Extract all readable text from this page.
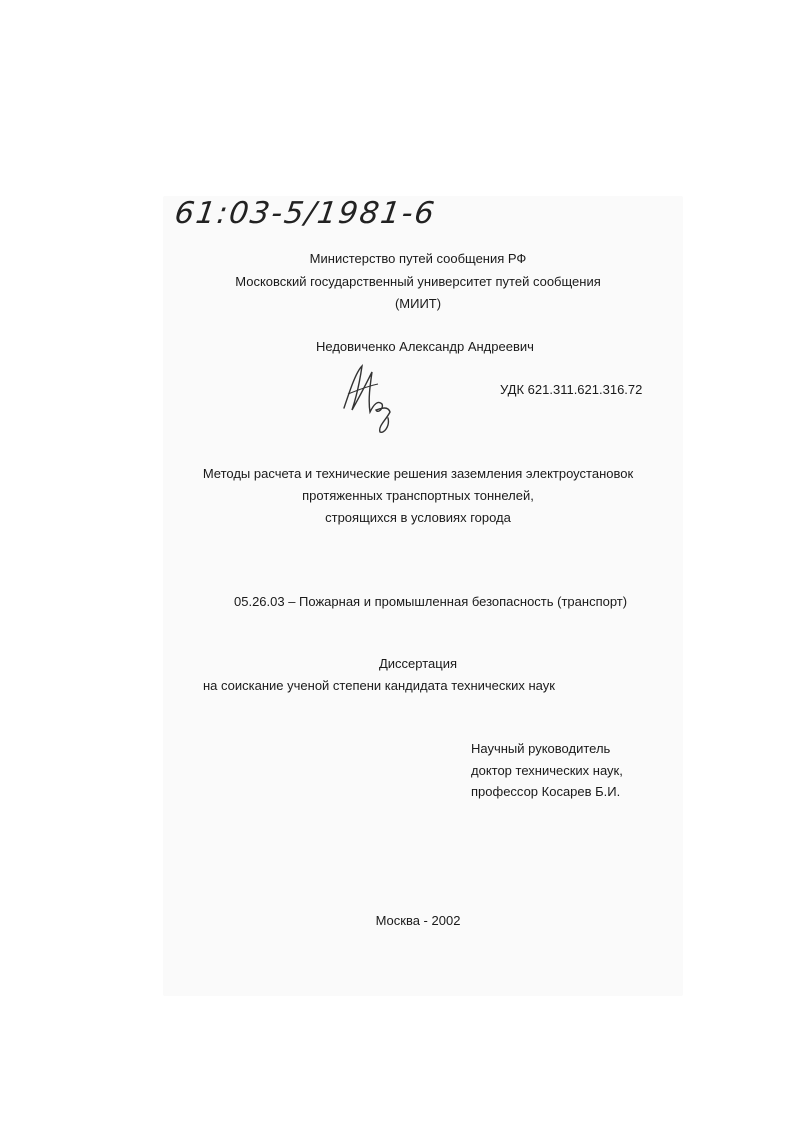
61:03-5/1981-6
Министерство путей сообщения РФ
Московский государственный университет путей сообщения
(МИИТ)
Недовиченко Александр Андреевич
УДК 621.311.621.316.72
Методы расчета и технические решения заземления электроустановок
протяженных транспортных тоннелей,
строящихся в условиях города
05.26.03 – Пожарная и промышленная безопасность (транспорт)
Диссертация
на соискание ученой степени кандидата технических наук
Научный руководитель
доктор технических наук,
профессор Косарев Б.И.
Москва - 2002
